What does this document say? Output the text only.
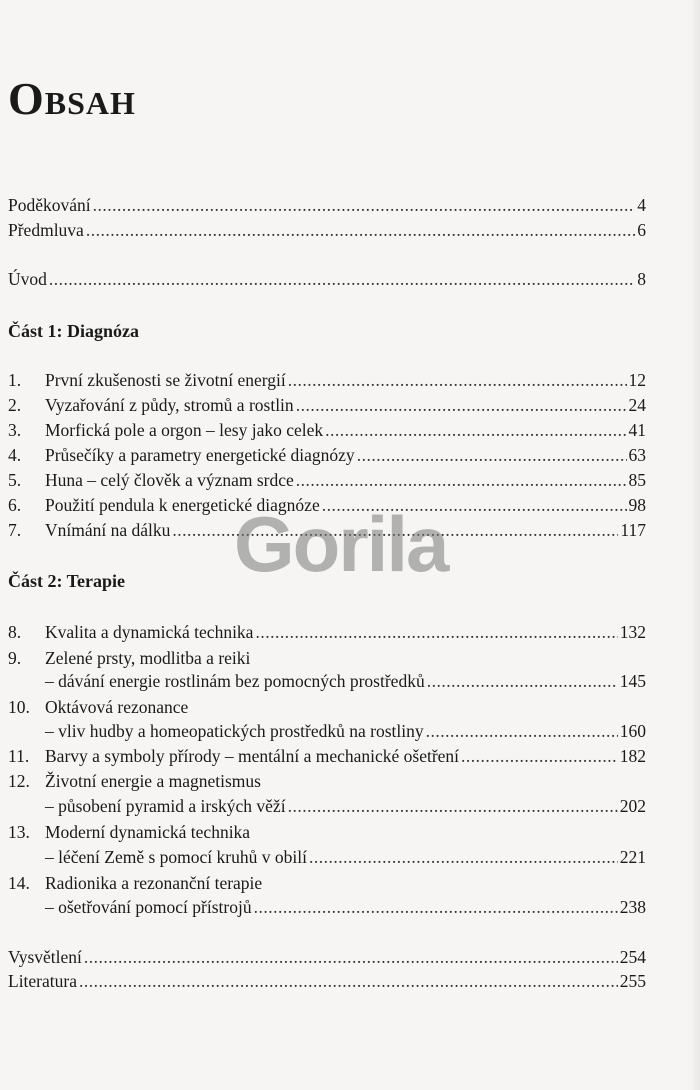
Obsah
Poděkování .....	4
Předmluva .....	6
Úvod .....	8
Část 1: Diagnóza
1.	První zkušenosti se životní energií .....	12
2.	Vyzařování z půdy, stromů a rostlin .....	24
3.	Morfická pole a orgon – lesy jako celek .....	41
4.	Průsečíky a parametry energetické diagnózy .....	63
5.	Huna – celý člověk a význam srdce .....	85
6.	Použití pendula k energetické diagnóze .....	98
7.	Vnímání na dálku .....	117
Část 2: Terapie
8.	Kvalita a dynamická technika .....	132
9.	Zelené prsty, modlitba a reiki
– dávání energie rostlinám bez pomocných prostředků .....	145
10. Oktávová rezonance
– vliv hudby a homeopatických prostředků na rostliny .....	160
11. Barvy a symboly přírody – mentální a mechanické ošetření .....	182
12. Životní energie a magnetismus
– působení pyramid a irských věží .....	202
13. Moderní dynamická technika
– léčení Země s pomocí kruhů v obilí .....	221
14. Radionika a rezonanční terapie
– ošetřování pomocí přístrojů .....	238
Vysvětlení .....	254
Literatura .....	255
Gorila
